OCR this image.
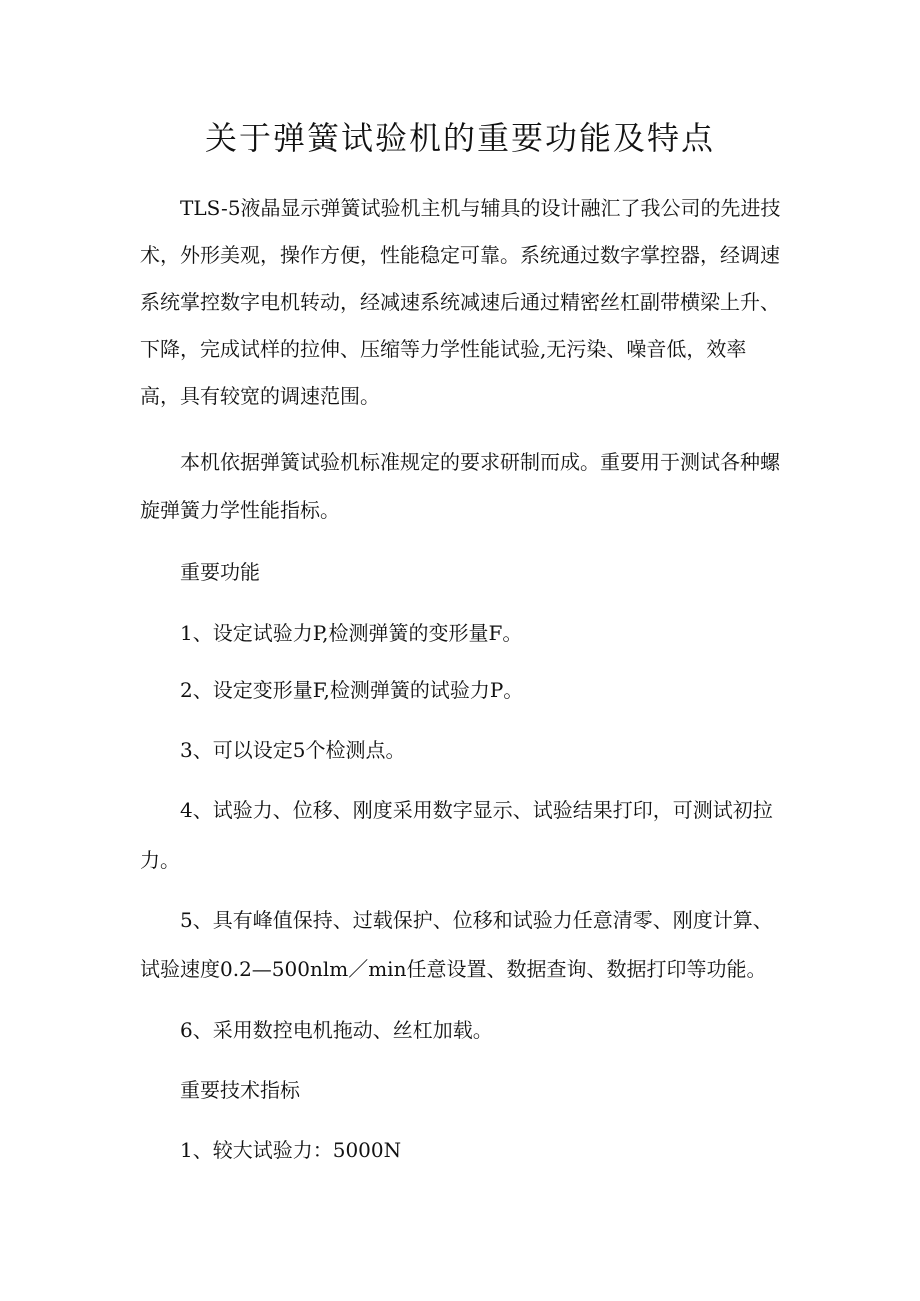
关于弹簧试验机的重要功能及特点
TLS-5液晶显示弹簧试验机主机与辅具的设计融汇了我公司的先进技
术，外形美观，操作方便，性能稳定可靠。系统通过数字掌控器，经调速
系统掌控数字电机转动，经减速系统减速后通过精密丝杠副带横梁上升、
下降，完成试样的拉伸、压缩等力学性能试验,无污染、噪音低，效率
高，具有较宽的调速范围。
本机依据弹簧试验机标准规定的要求研制而成。重要用于测试各种螺
旋弹簧力学性能指标。
重要功能
1、设定试验力P,检测弹簧的变形量F。
2、设定变形量F,检测弹簧的试验力P。
3、可以设定5个检测点。
4、试验力、位移、刚度采用数字显示、试验结果打印，可测试初拉
力。
5、具有峰值保持、过载保护、位移和试验力任意清零、刚度计算、
试验速度0.2—500nlm／min任意设置、数据查询、数据打印等功能。
6、采用数控电机拖动、丝杠加载。
重要技术指标
1、较大试验力：5000N
